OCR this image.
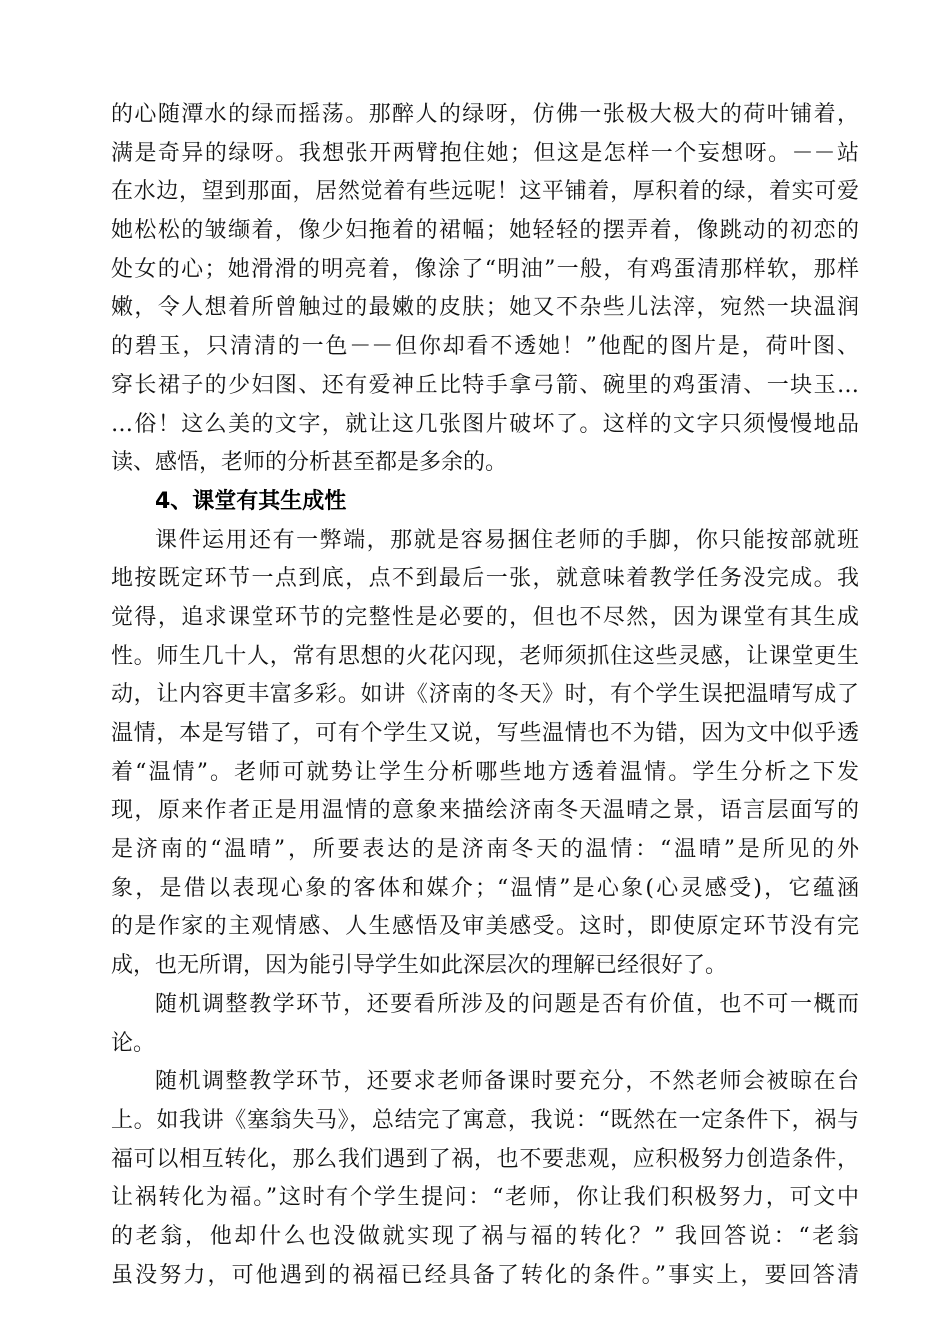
的心随潭水的绿而摇荡。那醉人的绿呀，仿佛一张极大极大的荷叶铺着，
满是奇异的绿呀。我想张开两臂抱住她；但这是怎样一个妄想呀。－－站
在水边，望到那面，居然觉着有些远呢！这平铺着，厚积着的绿，着实可爱
她松松的皱缬着，像少妇拖着的裙幅；她轻轻的摆弄着，像跳动的初恋的
处女的心；她滑滑的明亮着，像涂了“明油”一般，有鸡蛋清那样软，那样
嫩，令人想着所曾触过的最嫩的皮肤；她又不杂些儿法滓，宛然一块温润
的碧玉，只清清的一色－－但你却看不透她！”他配的图片是，荷叶图、
穿长裙子的少妇图、还有爱神丘比特手拿弓箭、碗里的鸡蛋清、一块玉…
…俗！这么美的文字，就让这几张图片破坏了。这样的文字只须慢慢地品
读、感悟，老师的分析甚至都是多余的。
4、课堂有其生成性
课件运用还有一弊端，那就是容易捆住老师的手脚，你只能按部就班
地按既定环节一点到底，点不到最后一张，就意味着教学任务没完成。我
觉得，追求课堂环节的完整性是必要的，但也不尽然，因为课堂有其生成
性。师生几十人，常有思想的火花闪现，老师须抓住这些灵感，让课堂更生
动，让内容更丰富多彩。如讲《济南的冬天》时，有个学生误把温晴写成了
温情，本是写错了，可有个学生又说，写些温情也不为错，因为文中似乎透
着“温情”。老师可就势让学生分析哪些地方透着温情。学生分析之下发
现，原来作者正是用温情的意象来描绘济南冬天温晴之景，语言层面写的
是济南的“温晴”，所要表达的是济南冬天的温情：“温晴”是所见的外
象，是借以表现心象的客体和媒介；“温情”是心象(心灵感受)，它蕴涵
的是作家的主观情感、人生感悟及审美感受。这时，即使原定环节没有完
成，也无所谓，因为能引导学生如此深层次的理解已经很好了。
随机调整教学环节，还要看所涉及的问题是否有价值，也不可一概而
论。
随机调整教学环节，还要求老师备课时要充分，不然老师会被晾在台
上。如我讲《塞翁失马》，总结完了寓意，我说：“既然在一定条件下，祸与
福可以相互转化，那么我们遇到了祸，也不要悲观，应积极努力创造条件，
让祸转化为福。”这时有个学生提问：“老师，你让我们积极努力，可文中
的老翁，他却什么也没做就实现了祸与福的转化？” 我回答说：“老翁
虽没努力，可他遇到的祸福已经具备了转化的条件。”事实上，要回答清
